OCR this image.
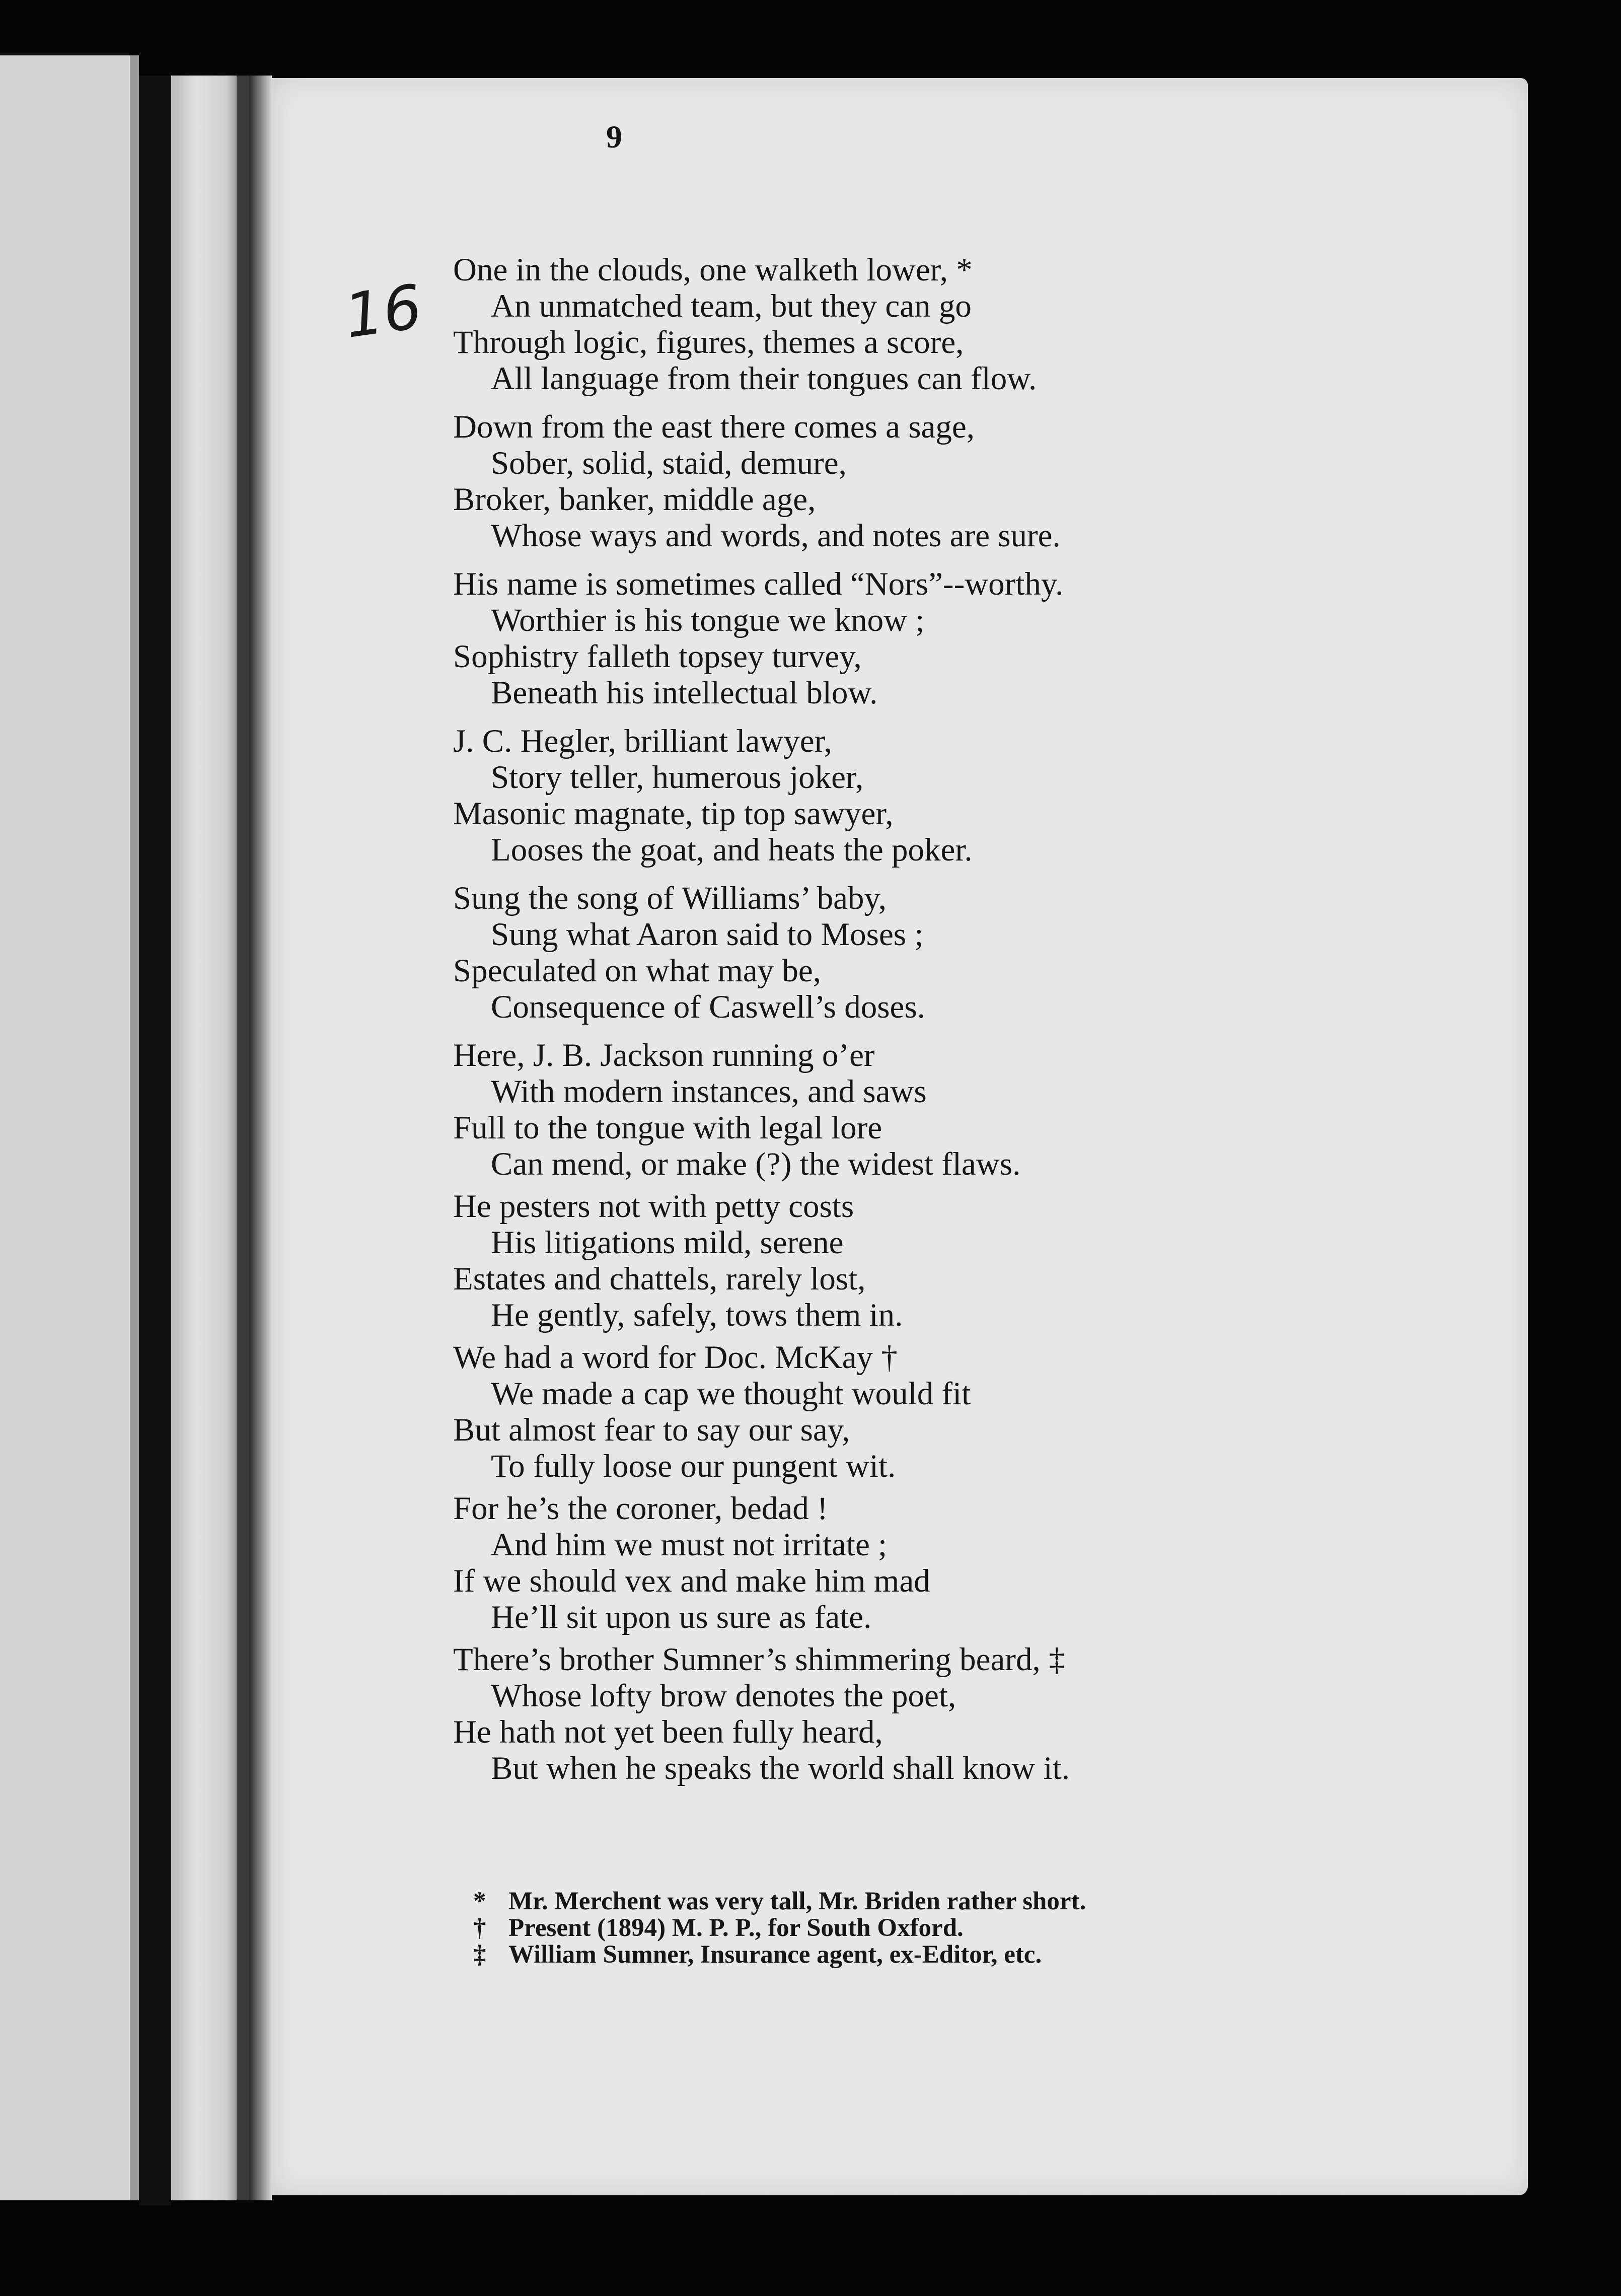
9
16
One in the clouds, one walketh lower, *
An unmatched team, but they can go
Through logic, figures, themes a score,
All language from their tongues can flow.
Down from the east there comes a sage,
Sober, solid, staid, demure,
Broker, banker, middle age,
Whose ways and words, and notes are sure.
His name is sometimes called “Nors”--worthy.
Worthier is his tongue we know ;
Sophistry falleth topsey turvey,
Beneath his intellectual blow.
J. C. Hegler, brilliant lawyer,
Story teller, humerous joker,
Masonic magnate, tip top sawyer,
Looses the goat, and heats the poker.
Sung the song of Williams’ baby,
Sung what Aaron said to Moses ;
Speculated on what may be,
Consequence of Caswell’s doses.
Here, J. B. Jackson running o’er
With modern instances, and saws
Full to the tongue with legal lore
Can mend, or make (?) the widest flaws.
He pesters not with petty costs
His litigations mild, serene
Estates and chattels, rarely lost,
He gently, safely, tows them in.
We had a word for Doc. McKay †
We made a cap we thought would fit
But almost fear to say our say,
To fully loose our pungent wit.
For he’s the coroner, bedad !
And him we must not irritate ;
If we should vex and make him mad
He’ll sit upon us sure as fate.
There’s brother Sumner’s shimmering beard, ‡
Whose lofty brow denotes the poet,
He hath not yet been fully heard,
But when he speaks the world shall know it.
* Mr. Merchent was very tall, Mr. Briden rather short.
† Present (1894) M. P. P., for South Oxford.
‡ William Sumner, Insurance agent, ex-Editor, etc.
